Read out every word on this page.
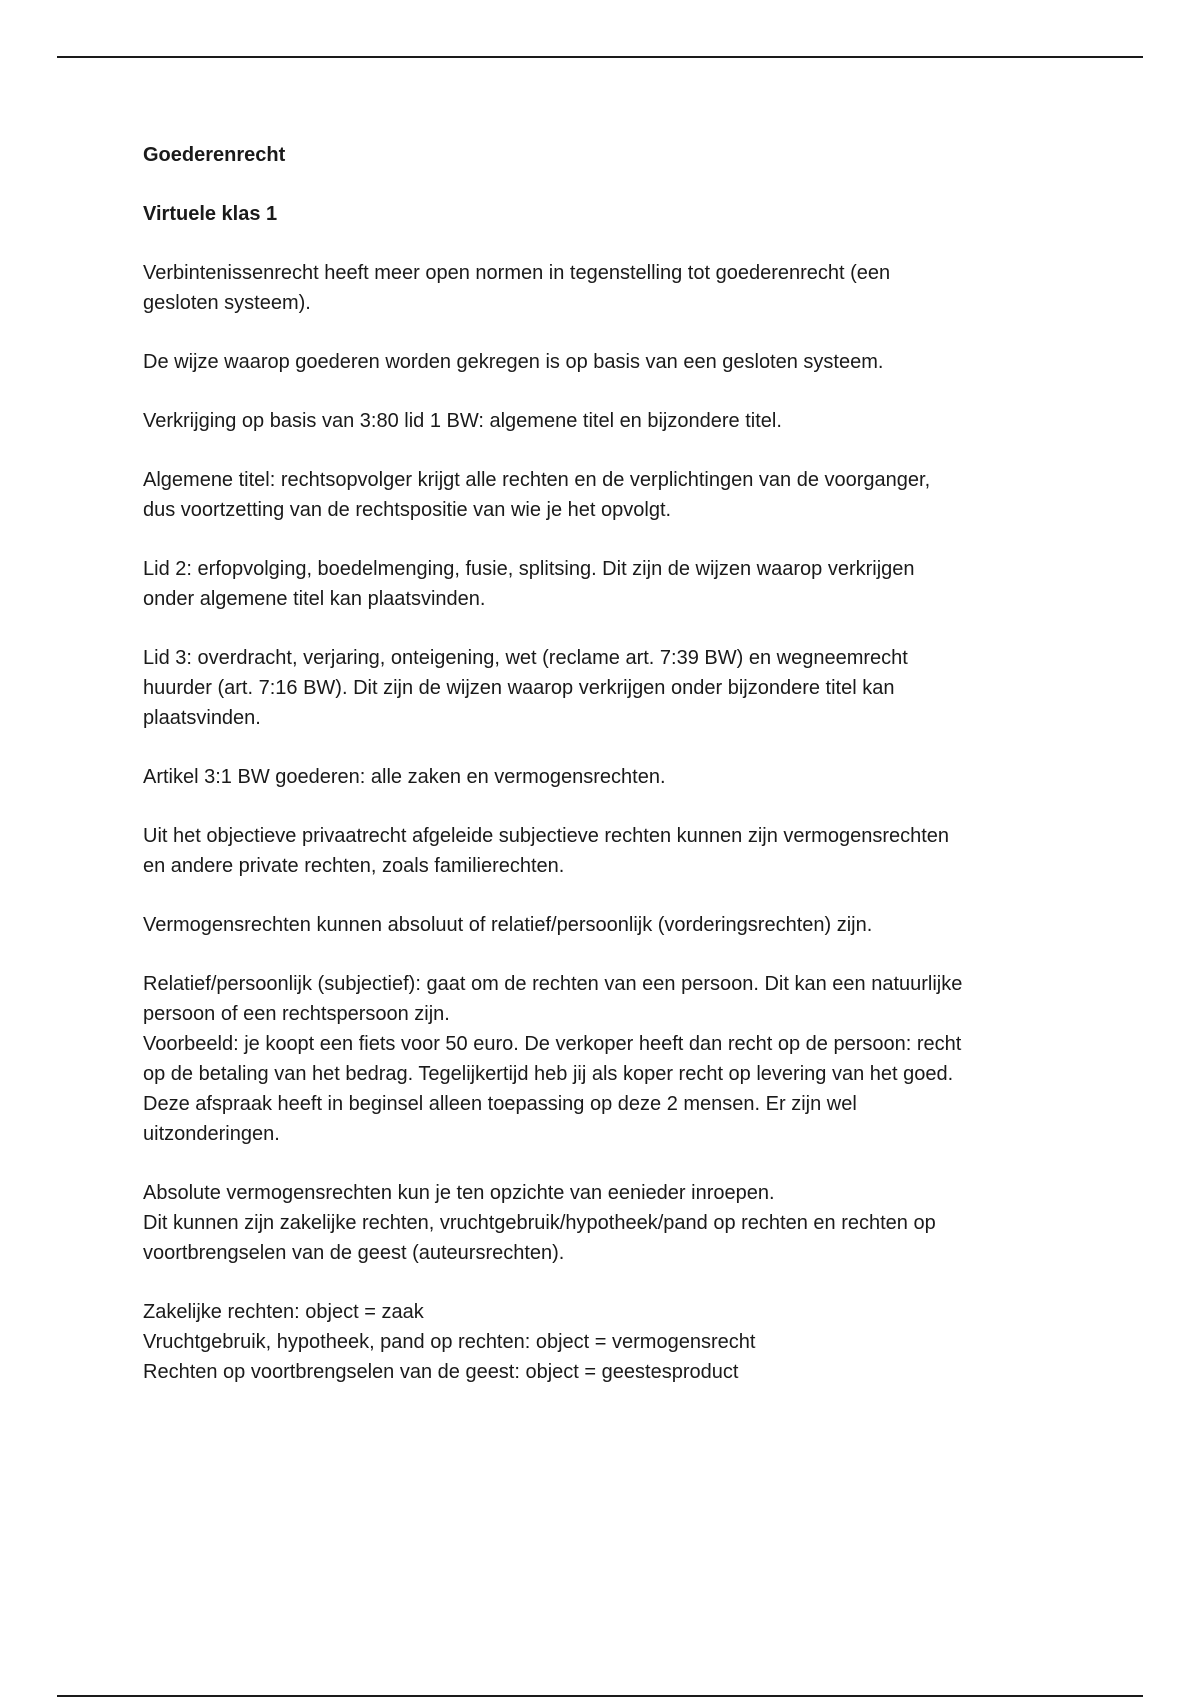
Goederenrecht
Virtuele klas 1
Verbintenissenrecht heeft meer open normen in tegenstelling tot goederenrecht (een
gesloten systeem).
De wijze waarop goederen worden gekregen is op basis van een gesloten systeem.
Verkrijging op basis van 3:80 lid 1 BW: algemene titel en bijzondere titel.
Algemene titel: rechtsopvolger krijgt alle rechten en de verplichtingen van de voorganger,
dus voortzetting van de rechtspositie van wie je het opvolgt.
Lid 2: erfopvolging, boedelmenging, fusie, splitsing. Dit zijn de wijzen waarop verkrijgen
onder algemene titel kan plaatsvinden.
Lid 3: overdracht, verjaring, onteigening, wet (reclame art. 7:39 BW) en wegneemrecht
huurder (art. 7:16 BW). Dit zijn de wijzen waarop verkrijgen onder bijzondere titel kan
plaatsvinden.
Artikel 3:1 BW goederen: alle zaken en vermogensrechten.
Uit het objectieve privaatrecht afgeleide subjectieve rechten kunnen zijn vermogensrechten
en andere private rechten, zoals familierechten.
Vermogensrechten kunnen absoluut of relatief/persoonlijk (vorderingsrechten) zijn.
Relatief/persoonlijk (subjectief): gaat om de rechten van een persoon. Dit kan een natuurlijke
persoon of een rechtspersoon zijn.
Voorbeeld: je koopt een fiets voor 50 euro. De verkoper heeft dan recht op de persoon: recht
op de betaling van het bedrag. Tegelijkertijd heb jij als koper recht op levering van het goed.
Deze afspraak heeft in beginsel alleen toepassing op deze 2 mensen. Er zijn wel
uitzonderingen.
Absolute vermogensrechten kun je ten opzichte van eenieder inroepen.
Dit kunnen zijn zakelijke rechten, vruchtgebruik/hypotheek/pand op rechten en rechten op
voortbrengselen van de geest (auteursrechten).
Zakelijke rechten: object = zaak
Vruchtgebruik, hypotheek, pand op rechten: object = vermogensrecht
Rechten op voortbrengselen van de geest: object = geestesproduct
